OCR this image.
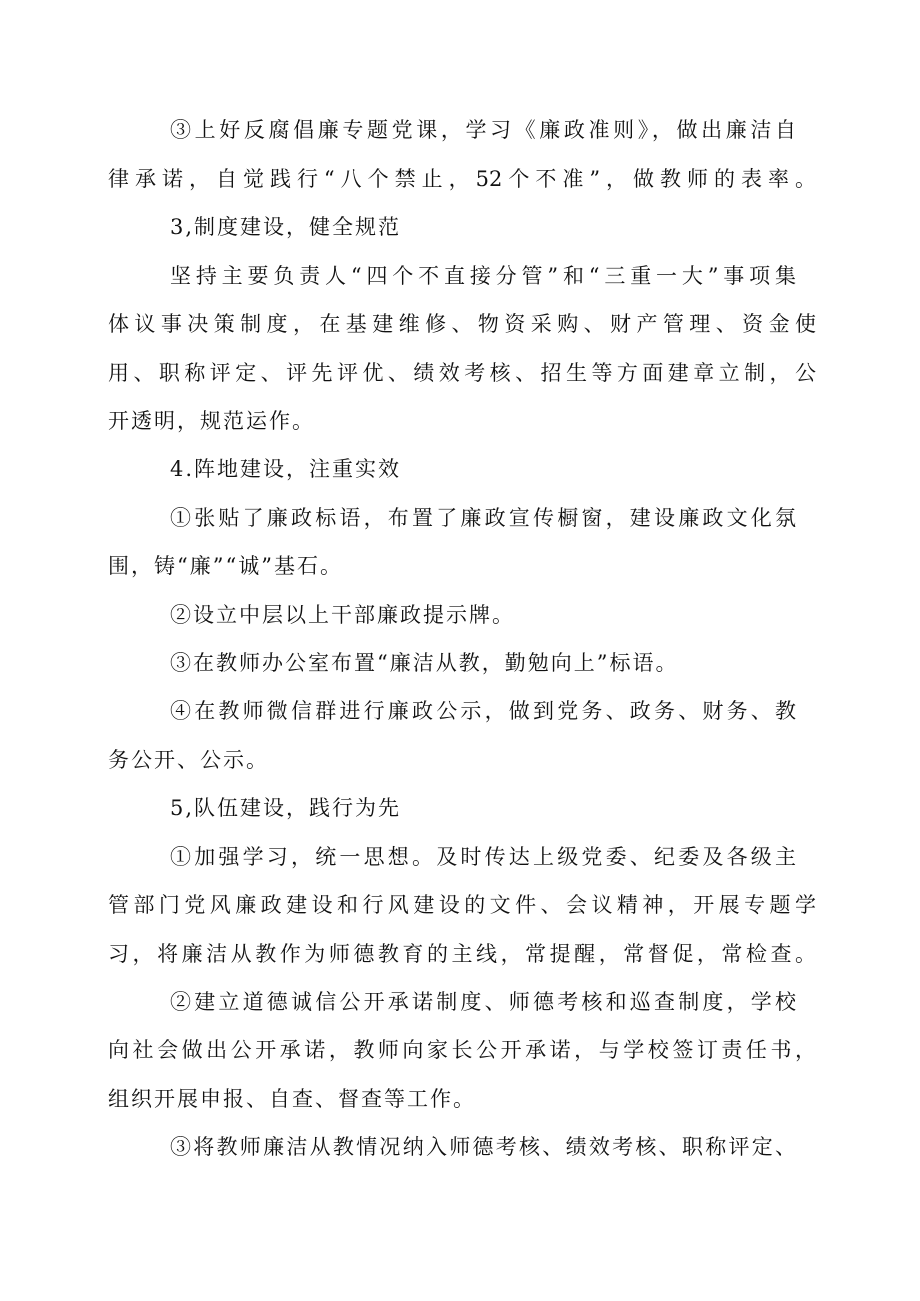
③上好反腐倡廉专题党课，学习《廉政准则》，做出廉洁自
律承诺，自觉践行“八个禁止，52个不准”，做教师的表率。
3,制度建设，健全规范
坚持主要负责人“四个不直接分管”和“三重一大”事项集
体议事决策制度，在基建维修、物资采购、财产管理、资金使
用、职称评定、评先评优、绩效考核、招生等方面建章立制，公
开透明，规范运作。
4.阵地建设，注重实效
①张贴了廉政标语，布置了廉政宣传橱窗，建设廉政文化氛
围，铸“廉”“诚”基石。
②设立中层以上干部廉政提示牌。
③在教师办公室布置“廉洁从教，勤勉向上”标语。
④在教师微信群进行廉政公示，做到党务、政务、财务、教
务公开、公示。
5,队伍建设，践行为先
①加强学习，统一思想。及时传达上级党委、纪委及各级主
管部门党风廉政建设和行风建设的文件、会议精神，开展专题学
习，将廉洁从教作为师德教育的主线，常提醒，常督促，常检查。
②建立道德诚信公开承诺制度、师德考核和巡查制度，学校
向社会做出公开承诺，教师向家长公开承诺，与学校签订责任书，
组织开展申报、自查、督查等工作。
③将教师廉洁从教情况纳入师德考核、绩效考核、职称评定、
